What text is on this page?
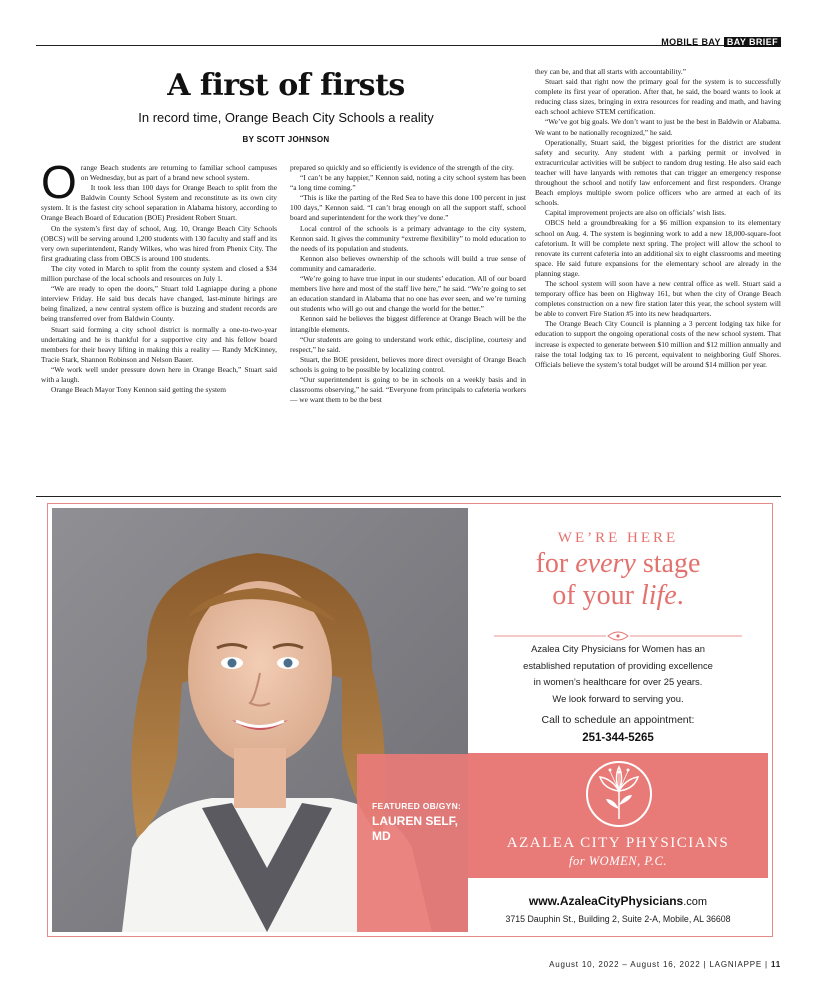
MOBILE BAY BAY BRIEF
A first of firsts
In record time, Orange Beach City Schools a reality
BY SCOTT JOHNSON

Orange Beach students are returning to familiar school campuses on Wednesday, but as part of a brand new school system.

It took less than 100 days for Orange Beach to split from the Baldwin County School System and reconstitute as its own city system. It is the fastest city school separation in Alabama history, according to Orange Beach Board of Education (BOE) President Robert Stuart.

On the system’s first day of school, Aug. 10, Orange Beach City Schools (OBCS) will be serving around 1,200 students with 130 faculty and staff and its very own superintendent, Randy Wilkes, who was hired from Phenix City. The first graduating class from OBCS is around 100 students.

The city voted in March to split from the county system and closed a $34 million purchase of the local schools and resources on July 1.

“We are ready to open the doors,” Stuart told Lagniappe during a phone interview Friday. He said bus decals have changed, last-minute hirings are being finalized, a new central system office is buzzing and student records are being transferred over from Baldwin County.

Stuart said forming a city school district is normally a one-to-two-year undertaking and he is thankful for a supportive city and his fellow board members for their heavy lifting in making this a reality — Randy McKinney, Tracie Stark, Shannon Robinson and Nelson Bauer.

“We work well under pressure down here in Orange Beach,” Stuart said with a laugh.

Orange Beach Mayor Tony Kennon said getting the system

prepared so quickly and so efficiently is evidence of the strength of the city.

“I can’t be any happier,” Kennon said, noting a city school system has been “a long time coming.”

“This is like the parting of the Red Sea to have this done 100 percent in just 100 days,” Kennon said. “I can’t brag enough on all the support staff, school board and superintendent for the work they’ve done.”

Local control of the schools is a primary advantage to the city system, Kennon said. It gives the community “extreme flexibility” to mold education to the needs of its population and students.

Kennon also believes ownership of the schools will build a true sense of community and camaraderie.

“We’re going to have true input in our students’ education. All of our board members live here and most of the staff live here,” he said. “We’re going to set an education standard in Alabama that no one has ever seen, and we’re turning out students who will go out and change the world for the better.”

Kennon said he believes the biggest difference at Orange Beach will be the intangible elements.

“Our students are going to understand work ethic, discipline, courtesy and respect,” he said.

Stuart, the BOE president, believes more direct oversight of Orange Beach schools is going to be possible by localizing control.

“Our superintendent is going to be in schools on a weekly basis and in classrooms observing,” he said. “Everyone from principals to cafeteria workers — we want them to be the best

they can be, and that all starts with accountability.”

Stuart said that right now the primary goal for the system is to successfully complete its first year of operation. After that, he said, the board wants to look at reducing class sizes, bringing in extra resources for reading and math, and having each school achieve STEM certification.

“We’ve got big goals. We don’t want to just be the best in Baldwin or Alabama. We want to be nationally recognized,” he said.

Operationally, Stuart said, the biggest priorities for the district are student safety and security. Any student with a parking permit or involved in extracurricular activities will be subject to random drug testing. He also said each teacher will have lanyards with remotes that can trigger an emergency response throughout the school and notify law enforcement and first responders. Orange Beach employs multiple sworn police officers who are armed at each of its schools.

Capital improvement projects are also on officials’ wish lists.

OBCS held a groundbreaking for a $6 million expansion to its elementary school on Aug. 4. The system is beginning work to add a new 18,000-square-foot cafetorium. It will be complete next spring. The project will allow the school to renovate its current cafeteria into an additional six to eight classrooms and meeting space. He said future expansions for the elementary school are already in the planning stage.

The school system will soon have a new central office as well. Stuart said a temporary office has been on Highway 161, but when the city of Orange Beach completes construction on a new fire station later this year, the school system will be able to convert Fire Station #5 into its new headquarters.

The Orange Beach City Council is planning a 3 percent lodging tax hike for education to support the ongoing operational costs of the new school system. That increase is expected to generate between $10 million and $12 million annually and raise the total lodging tax to 16 percent, equivalent to neighboring Gulf Shores. Officials believe the system’s total budget will be around $14 million per year.

FEATURED OB/GYN:
LAUREN SELF, MD
WE’RE HERE
for every stage
of your life.
Azalea City Physicians for Women has an
established reputation of providing excellence
in women’s healthcare for over 25 years.
We look forward to serving you.
Call to schedule an appointment:
251-344-5265
AZALEA CITY PHYSICIANS
for WOMEN, P.C.
www.AzaleaCityPhysicians.com
3715 Dauphin St., Building 2, Suite 2-A, Mobile, AL 36608
August 10, 2022 – August 16, 2022 | LAGNIAPPE | 11
